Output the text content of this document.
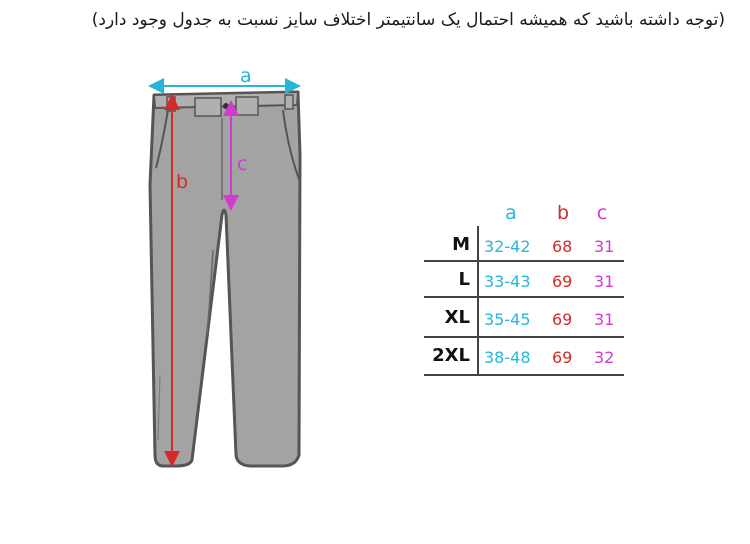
(توجه داشته باشید که همیشه احتمال یک سانتیمتر اختلاف سایز نسبت به جدول وجود دارد)
a
b
c
a	b	c
M 32-42 68 31
L 33-43 69 31
XL 35-45 69 31
2XL 38-48 69 32
